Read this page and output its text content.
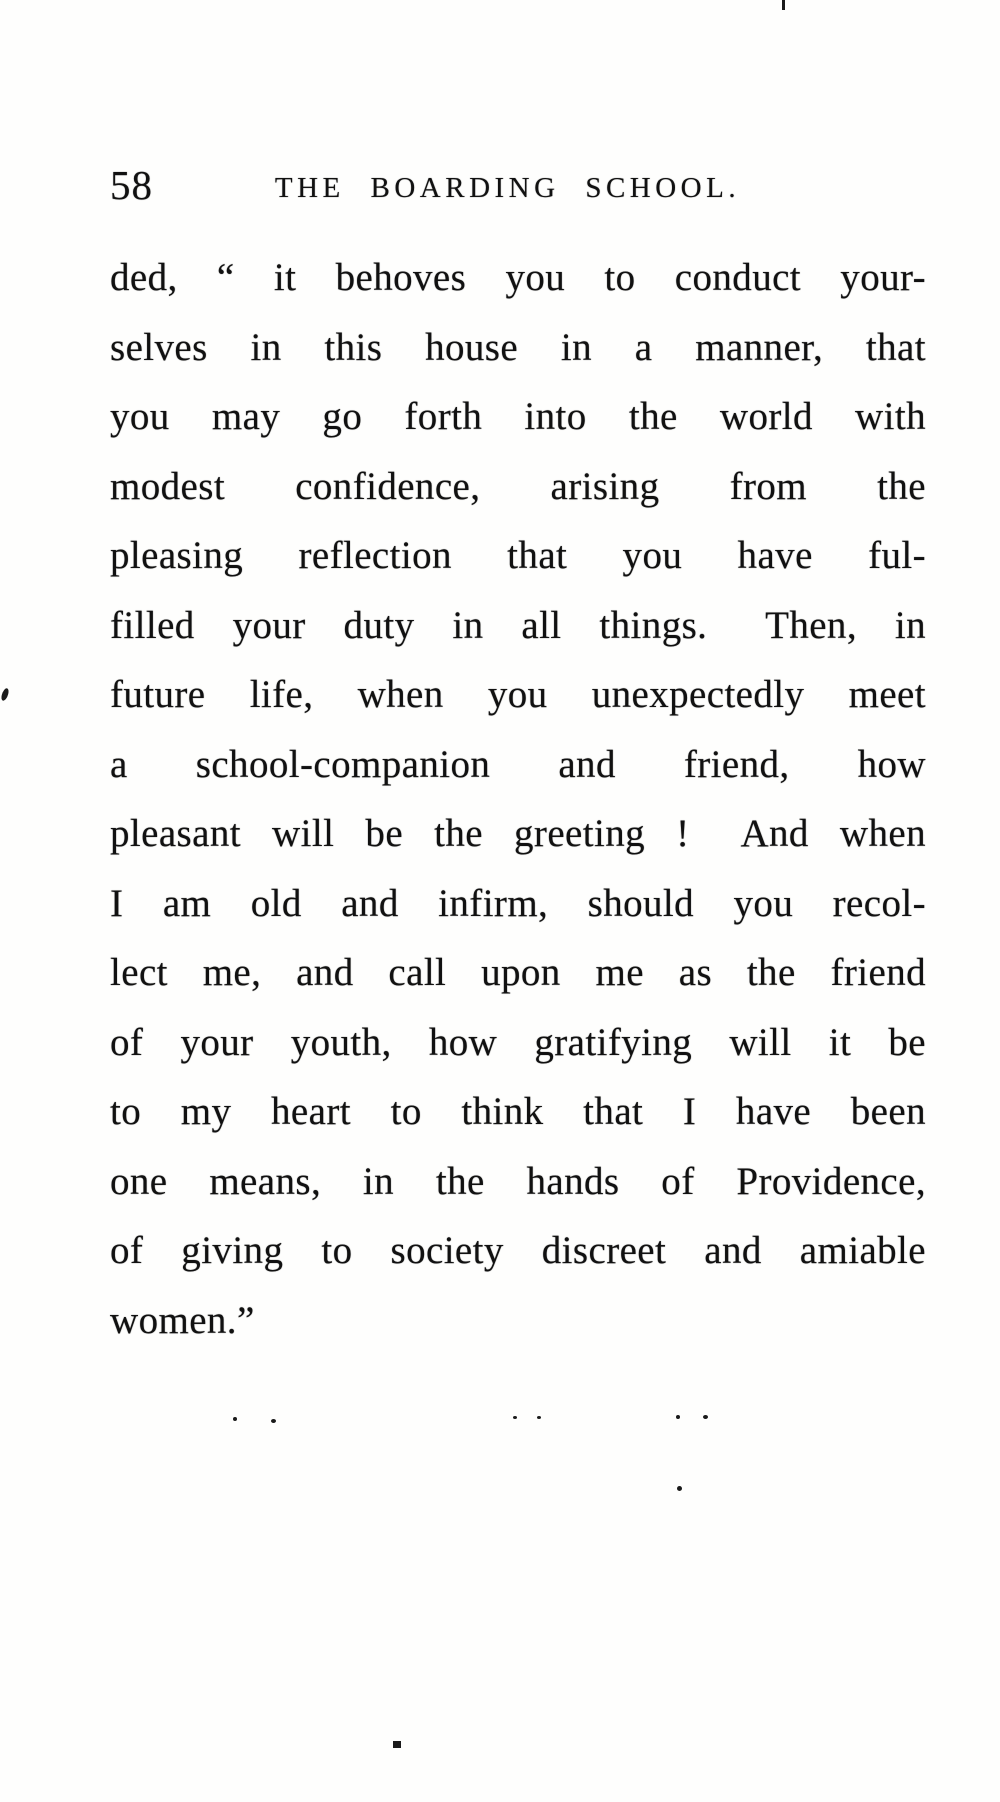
58	THE BOARDING SCHOOL.
ded, “ it behoves you to conduct your-
selves in this house in a manner, that
you may go forth into the world with
modest confidence, arising from the
pleasing reflection that you have ful-
filled your duty in all things.  Then, in
future life, when you unexpectedly meet
a school-companion and friend, how
pleasant will be the greeting !  And when
I am old and infirm, should you recol-
lect me, and call upon me as the friend
of your youth, how gratifying will it be
to my heart to think that I have been
one means, in the hands of Providence,
of giving to society discreet and amiable
women.”
